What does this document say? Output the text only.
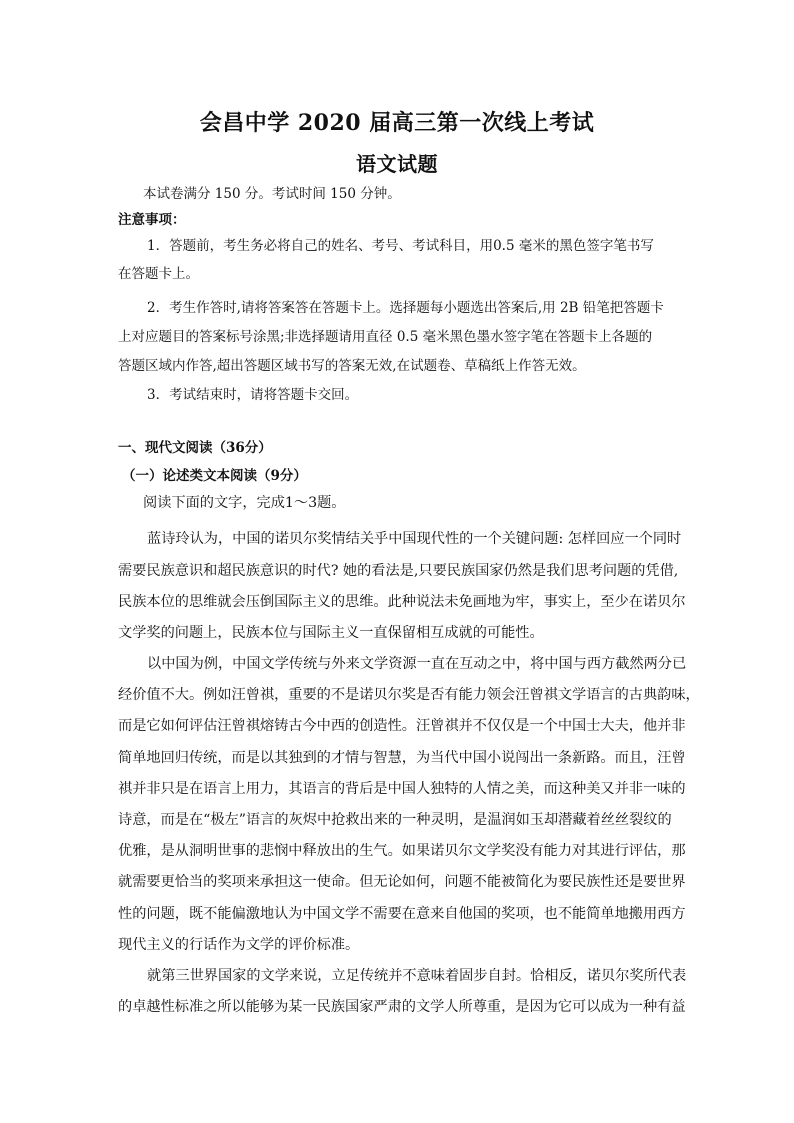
会昌中学 2020 届高三第一次线上考试
语文试题
本试卷满分 150 分。考试时间 150 分钟。
注意事项：
1．答题前，考生务必将自己的姓名、考号、考试科目，用0.5 毫米的黑色签字笔书写
在答题卡上。
2．考生作答时,请将答案答在答题卡上。选择题每小题选出答案后,用 2B 铅笔把答题卡
上对应题目的答案标号涂黑;非选择题请用直径 0.5 毫米黑色墨水签字笔在答题卡上各题的
答题区域内作答,超出答题区域书写的答案无效,在试题卷、草稿纸上作答无效。
3．考试结束时，请将答题卡交回。
一、现代文阅读（36分）
（一）论述类文本阅读（9分）
阅读下面的文字，完成1～3题。
蓝诗玲认为，中国的诺贝尔奖情结关乎中国现代性的一个关键问题: 怎样回应一个同时
需要民族意识和超民族意识的时代? 她的看法是,只要民族国家仍然是我们思考问题的凭借,
民族本位的思维就会压倒国际主义的思维。此种说法未免画地为牢，事实上，至少在诺贝尔
文学奖的问题上，民族本位与国际主义一直保留相互成就的可能性。
以中国为例，中国文学传统与外来文学资源一直在互动之中，将中国与西方截然两分已
经价值不大。例如汪曾祺，重要的不是诺贝尔奖是否有能力领会汪曾祺文学语言的古典韵味，
而是它如何评估汪曾祺熔铸古今中西的创造性。汪曾祺并不仅仅是一个中国士大夫，他并非
简单地回归传统，而是以其独到的才情与智慧，为当代中国小说闯出一条新路。而且，汪曾
祺并非只是在语言上用力，其语言的背后是中国人独特的人情之美，而这种美又并非一味的
诗意，而是在“极左”语言的灰烬中抢救出来的一种灵明，是温润如玉却潜藏着丝丝裂纹的
优雅，是从洞明世事的悲悯中释放出的生气。如果诺贝尔文学奖没有能力对其进行评估，那
就需要更恰当的奖项来承担这一使命。但无论如何，问题不能被简化为要民族性还是要世界
性的问题，既不能偏激地认为中国文学不需要在意来自他国的奖项，也不能简单地搬用西方
现代主义的行话作为文学的评价标准。
就第三世界国家的文学来说，立足传统并不意味着固步自封。恰相反，诺贝尔奖所代表
的卓越性标准之所以能够为某一民族国家严肃的文学人所尊重，是因为它可以成为一种有益
